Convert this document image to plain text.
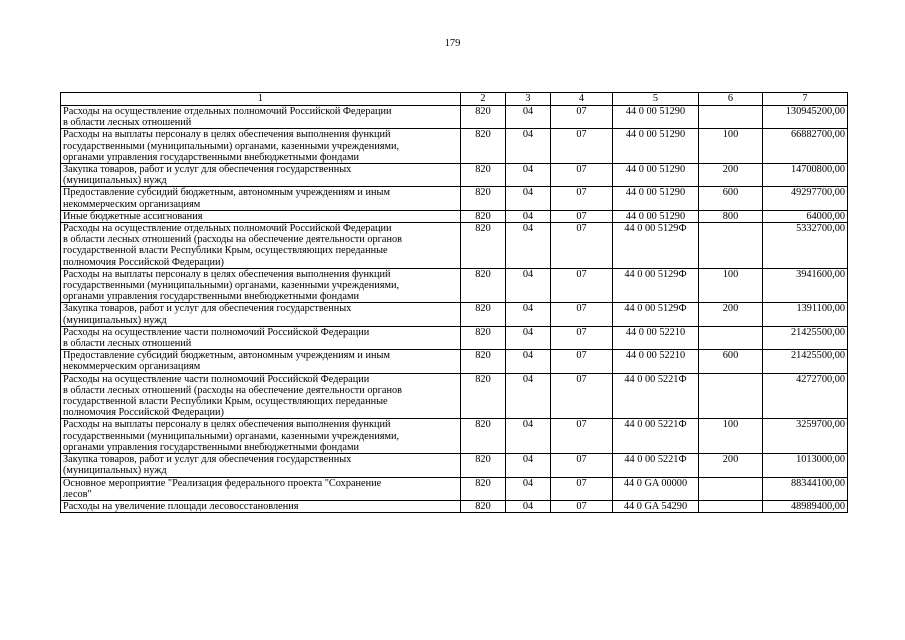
179
1	2	3	4	5	6	7
Расходы на осуществление отдельных полномочий Российской Федерации
в области лесных отношений	820	04	07	44 0 00 51290		130945200,00
Расходы на выплаты персоналу в целях обеспечения выполнения функций
государственными (муниципальными) органами, казенными учреждениями,
органами управления государственными внебюджетными фондами	820	04	07	44 0 00 51290	100	66882700,00
Закупка товаров, работ и услуг для обеспечения государственных
(муниципальных) нужд	820	04	07	44 0 00 51290	200	14700800,00
Предоставление субсидий бюджетным, автономным учреждениям и иным
некоммерческим организациям	820	04	07	44 0 00 51290	600	49297700,00
Иные бюджетные ассигнования	820	04	07	44 0 00 51290	800	64000,00
Расходы на осуществление отдельных полномочий Российской Федерации
в области лесных отношений (расходы на обеспечение деятельности органов
государственной власти Республики Крым, осуществляющих переданные
полномочия Российской Федерации)	820	04	07	44 0 00 5129Ф		5332700,00
Расходы на выплаты персоналу в целях обеспечения выполнения функций
государственными (муниципальными) органами, казенными учреждениями,
органами управления государственными внебюджетными фондами	820	04	07	44 0 00 5129Ф	100	3941600,00
Закупка товаров, работ и услуг для обеспечения государственных
(муниципальных) нужд	820	04	07	44 0 00 5129Ф	200	1391100,00
Расходы на осуществление части полномочий Российской Федерации
в области лесных отношений	820	04	07	44 0 00 52210		21425500,00
Предоставление субсидий бюджетным, автономным учреждениям и иным
некоммерческим организациям	820	04	07	44 0 00 52210	600	21425500,00
Расходы на осуществление части полномочий Российской Федерации
в области лесных отношений (расходы на обеспечение деятельности органов
государственной власти Республики Крым, осуществляющих переданные
полномочия Российской Федерации)	820	04	07	44 0 00 5221Ф		4272700,00
Расходы на выплаты персоналу в целях обеспечения выполнения функций
государственными (муниципальными) органами, казенными учреждениями,
органами управления государственными внебюджетными фондами	820	04	07	44 0 00 5221Ф	100	3259700,00
Закупка товаров, работ и услуг для обеспечения государственных
(муниципальных) нужд	820	04	07	44 0 00 5221Ф	200	1013000,00
Основное мероприятие "Реализация федерального проекта "Сохранение
лесов"	820	04	07	44 0 GA 00000		88344100,00
Расходы на увеличение площади лесовосстановления	820	04	07	44 0 GA 54290		48989400,00
